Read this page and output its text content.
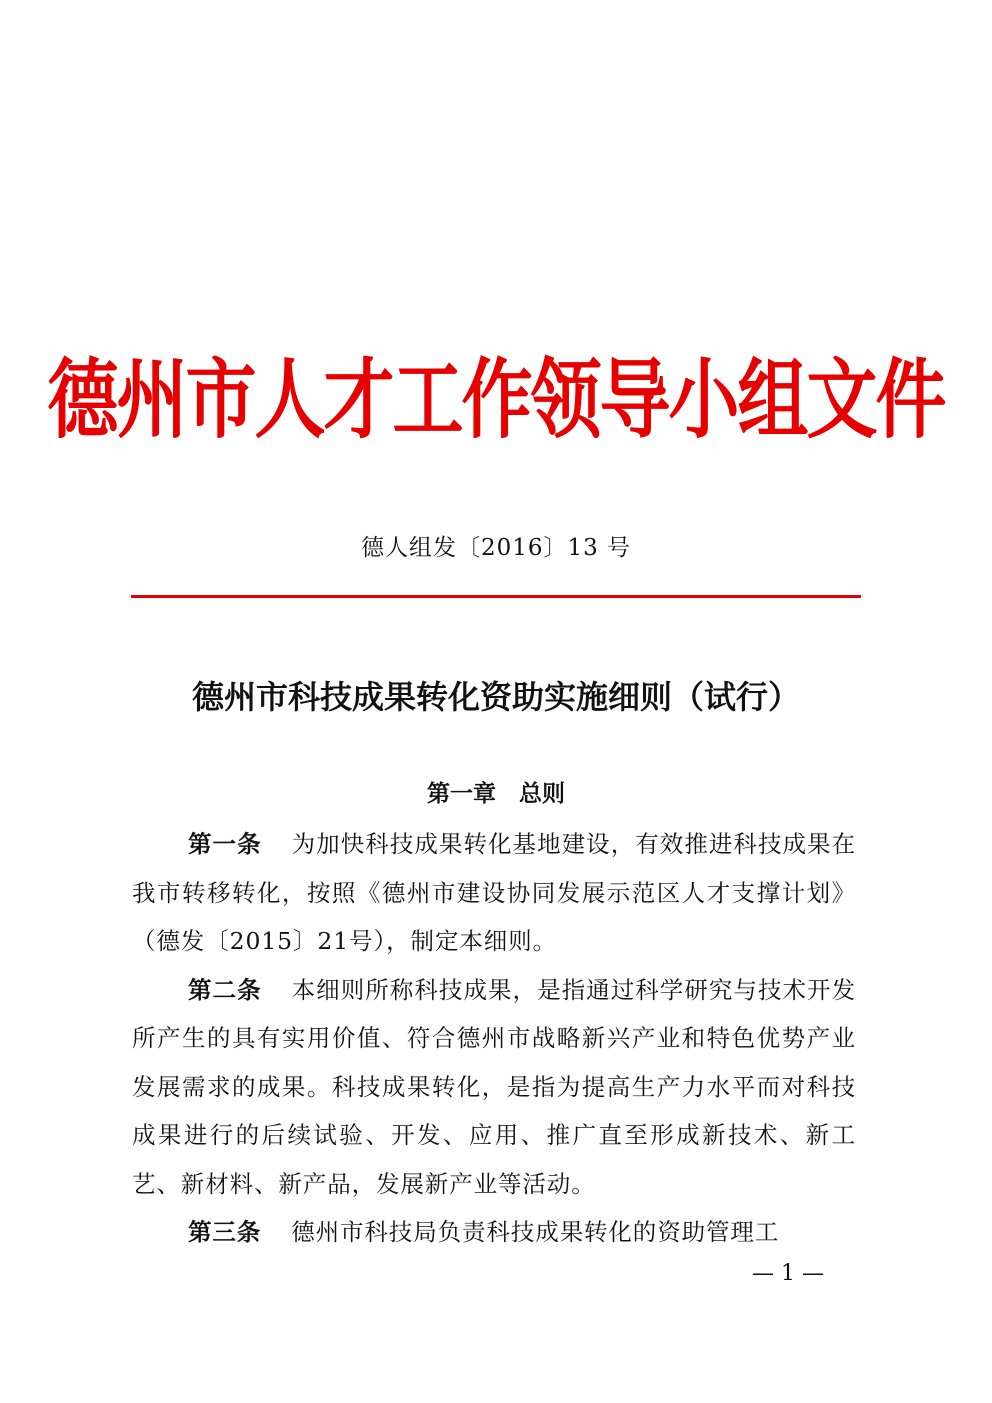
德州市人才工作领导小组文件
德人组发〔2016〕13 号
德州市科技成果转化资助实施细则（试行）
第一章　总则

第一条 为加快科技成果转化基地建设，有效推进科技成果在我市转移转化，按照《德州市建设协同发展示范区人才支撑计划》（德发〔2015〕21号），制定本细则。

第二条 本细则所称科技成果，是指通过科学研究与技术开发所产生的具有实用价值、符合德州市战略新兴产业和特色优势产业发展需求的成果。科技成果转化，是指为提高生产力水平而对科技成果进行的后续试验、开发、应用、推广直至形成新技术、新工艺、新材料、新产品，发展新产业等活动。

第三条 德州市科技局负责科技成果转化的资助管理工

— 1 —
